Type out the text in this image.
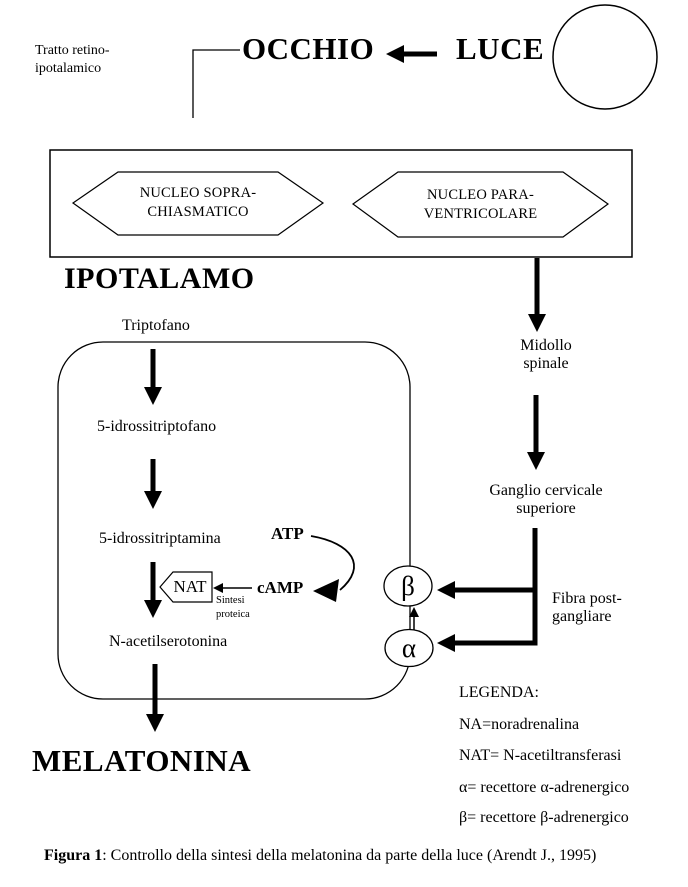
Tratto retino-
ipotalamico
OCCHIO	LUCE
NUCLEO SOPRA-
CHIASMATICO
NUCLEO PARA-
VENTRICOLARE
IPOTALAMO
Triptofano
5-idrossitriptofano
5-idrossitriptamina
N-acetilserotonina
MELATONINA
ATP
cAMP
NAT
Sintesi
proteica
Midollo
spinale
Ganglio cervicale
superiore
Fibra post-
gangliare
β
α
LEGENDA:
NA=noradrenalina
NAT= N-acetiltransferasi
α= recettore α-adrenergico
β= recettore β-adrenergico
Figura 1: Controllo della sintesi della melatonina da parte della luce (Arendt J., 1995)
